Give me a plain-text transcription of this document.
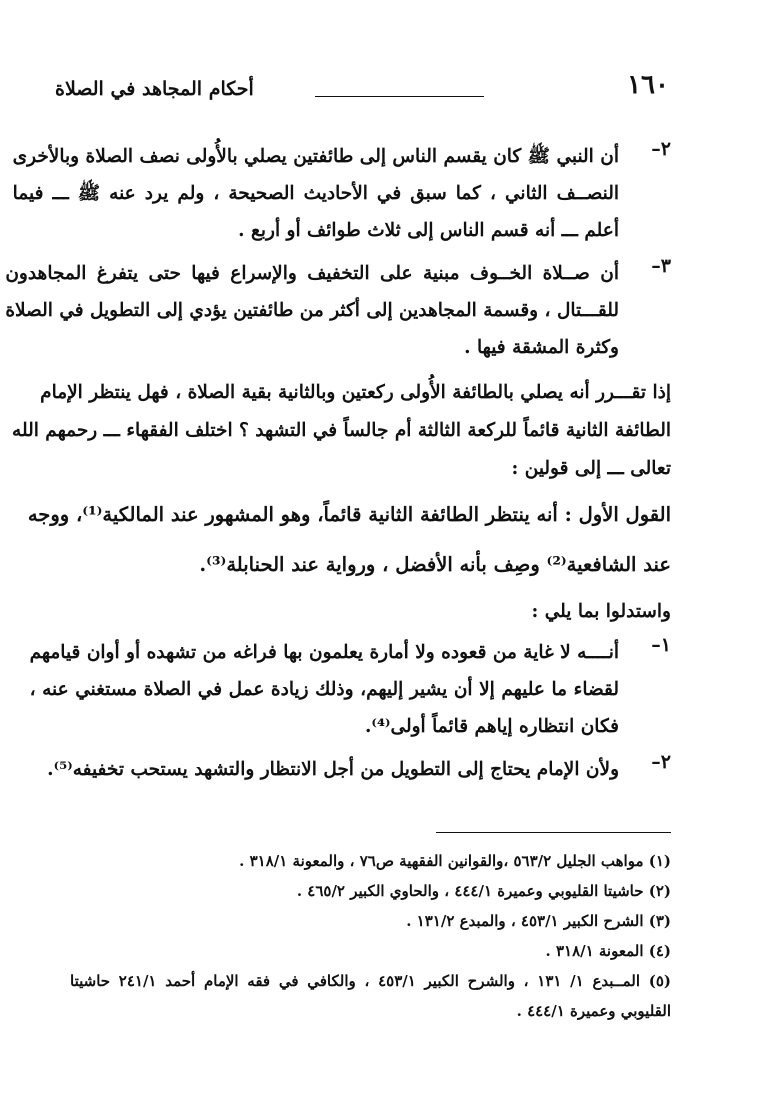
١٦٠
أحكام المجاهد في الصلاة
٢–
أن النبي ﷺ كان يقسم الناس إلى طائفتين يصلي بالأُولى نصف الصلاة وبالأخرى
النصــف الثاني ، كما سبق في الأحاديث الصحيحة ، ولم يرد عنه ﷺ ـــ فيما
أعلم ـــ أنه قسم الناس إلى ثلاث طوائف أو أربع .
٣–
أن صــلاة الخــوف مبنية على التخفيف والإسراع فيها حتى يتفرغ المجاهدون
للقـــتال ، وقسمة المجاهدين إلى أكثر من طائفتين يؤدي إلى التطويل في الصلاة
وكثرة المشقة فيها .
إذا تقـــرر أنه يصلي بالطائفة الأُولى ركعتين وبالثانية بقية الصلاة ، فهل ينتظر الإمام
الطائفة الثانية قائماً للركعة الثالثة أم جالساً في التشهد ؟ اختلف الفقهاء ـــ رحمهم الله
تعالى ـــ إلى قولين :
القول الأول : أنه ينتظر الطائفة الثانية قائماً، وهو المشهور عند المالكية⁽¹⁾، ووجه
عند الشافعية⁽²⁾ وصِف بأنه الأفضل ، ورواية عند الحنابلة⁽³⁾.
واستدلوا بما يلي :
١–
أنــــه لا غاية من قعوده ولا أمارة يعلمون بها فراغه من تشهده أو أوان قيامهم
لقضاء ما عليهم إلا أن يشير إليهم، وذلك زيادة عمل في الصلاة مستغني عنه ،
فكان انتظاره إياهم قائماً أولى⁽⁴⁾.
٢–
ولأن الإمام يحتاج إلى التطويل من أجل الانتظار والتشهد يستحب تخفيفه⁽⁵⁾.
(١) مواهب الجليل ٥٦٣/٢ ،والقوانين الفقهية ص٧٦ ، والمعونة ٣١٨/١ .
(٢) حاشيتا القليوبي وعميرة ٤٤٤/١ ، والحاوي الكبير ٤٦٥/٢ .
(٣) الشرح الكبير ٤٥٣/١ ، والمبدع ١٣١/٢ .
(٤) المعونة ٣١٨/١ .
(٥) المــبدع ١/ ١٣١ ، والشرح الكبير ٤٥٣/١ ، والكافي في فقه الإمام أحمد ٢٤١/١ حاشيتا
القليوبي وعميرة ٤٤٤/١ .
